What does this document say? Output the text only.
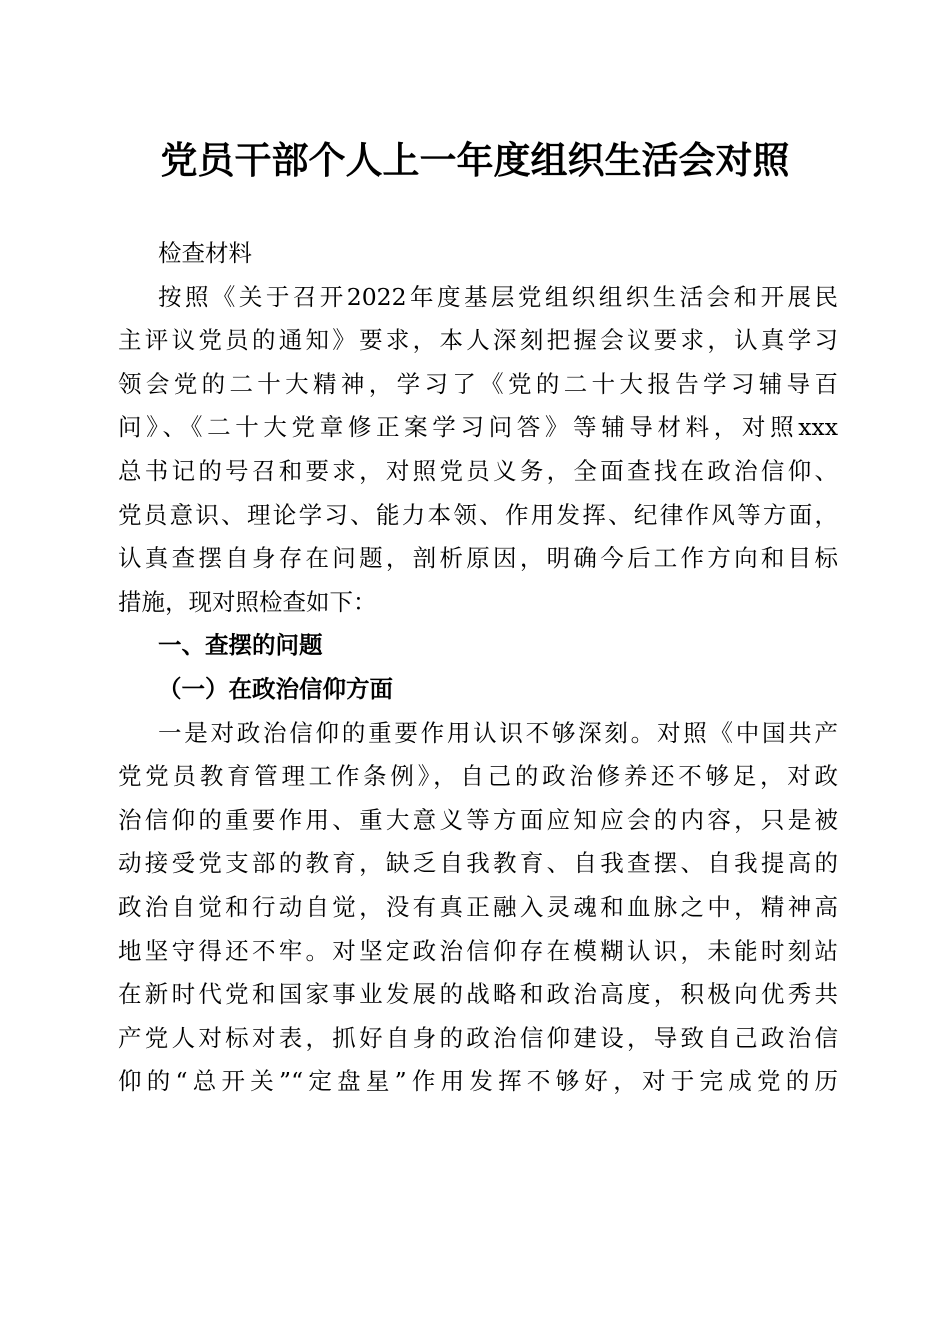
党员干部个人上一年度组织生活会对照
检查材料
按照《关于召开2022年度基层党组织组织生活会和开展民
主评议党员的通知》要求，本人深刻把握会议要求，认真学习
领会党的二十大精神，学习了《党的二十大报告学习辅导百
问》、《二十大党章修正案学习问答》等辅导材料，对照xxx
总书记的号召和要求，对照党员义务，全面查找在政治信仰、
党员意识、理论学习、能力本领、作用发挥、纪律作风等方面，
认真查摆自身存在问题，剖析原因，明确今后工作方向和目标
措施，现对照检查如下：
一、查摆的问题
（一）在政治信仰方面
一是对政治信仰的重要作用认识不够深刻。对照《中国共产
党党员教育管理工作条例》，自己的政治修养还不够足，对政
治信仰的重要作用、重大意义等方面应知应会的内容，只是被
动接受党支部的教育，缺乏自我教育、自我查摆、自我提高的
政治自觉和行动自觉，没有真正融入灵魂和血脉之中，精神高
地坚守得还不牢。对坚定政治信仰存在模糊认识，未能时刻站
在新时代党和国家事业发展的战略和政治高度，积极向优秀共
产党人对标对表，抓好自身的政治信仰建设，导致自己政治信
仰的“总开关”“定盘星”作用发挥不够好，对于完成党的历
